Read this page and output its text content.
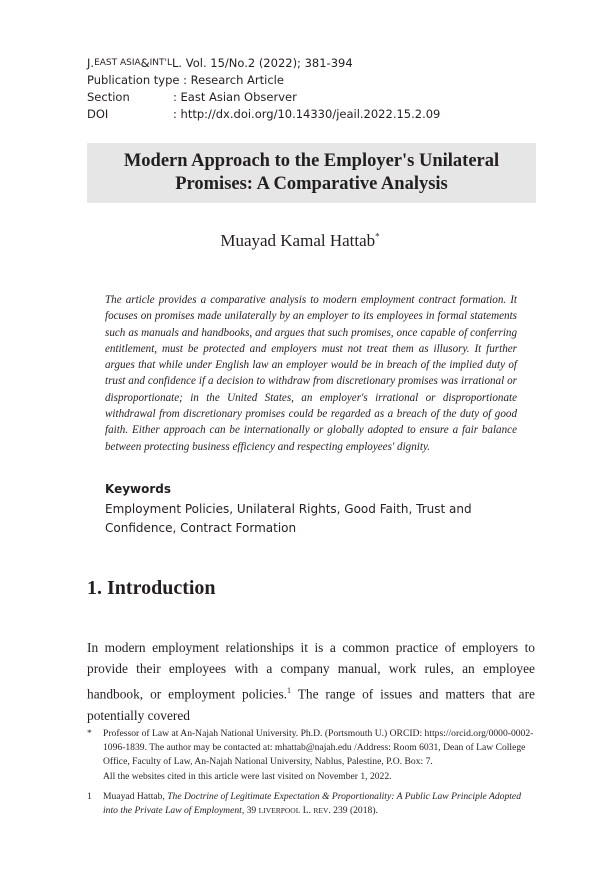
J. EAST ASIA & INT'L L. Vol. 15/No.2 (2022); 381-394
Publication type : Research Article
Section	: East Asian Observer
DOI	: http://dx.doi.org/10.14330/jeail.2022.15.2.09
Modern Approach to the Employer's Unilateral
Promises: A Comparative Analysis
Muayad Kamal Hattab*
The article provides a comparative analysis to modern employment contract formation. It focuses on promises made unilaterally by an employer to its employees in formal statements such as manuals and handbooks, and argues that such promises, once capable of conferring entitlement, must be protected and employers must not treat them as illusory. It further argues that while under English law an employer would be in breach of the implied duty of trust and confidence if a decision to withdraw from discretionary promises was irrational or disproportionate; in the United States, an employer's irrational or disproportionate withdrawal from discretionary promises could be regarded as a breach of the duty of good faith. Either approach can be internationally or globally adopted to ensure a fair balance between protecting business efficiency and respecting employees' dignity.
Keywords
Employment Policies, Unilateral Rights, Good Faith, Trust and Confidence, Contract Formation
1. Introduction
In modern employment relationships it is a common practice of employers to provide their employees with a company manual, work rules, an employee handbook, or employment policies.$^1$ The range of issues and matters that are potentially covered
*	Professor of Law at An-Najah National University. Ph.D. (Portsmouth U.) ORCID: https://orcid.org/0000-0002-1096-1839. The author may be contacted at: mhattab@najah.edu /Address: Room 6031, Dean of Law College Office, Faculty of Law, An-Najah National University, Nablus, Palestine, P.O. Box: 7.
All the websites cited in this article were last visited on November 1, 2022.
1	Muayad Hattab, The Doctrine of Legitimate Expectation & Proportionality: A Public Law Principle Adopted into the Private Law of Employment, 39 LIVERPOOL L. REV. 239 (2018).
